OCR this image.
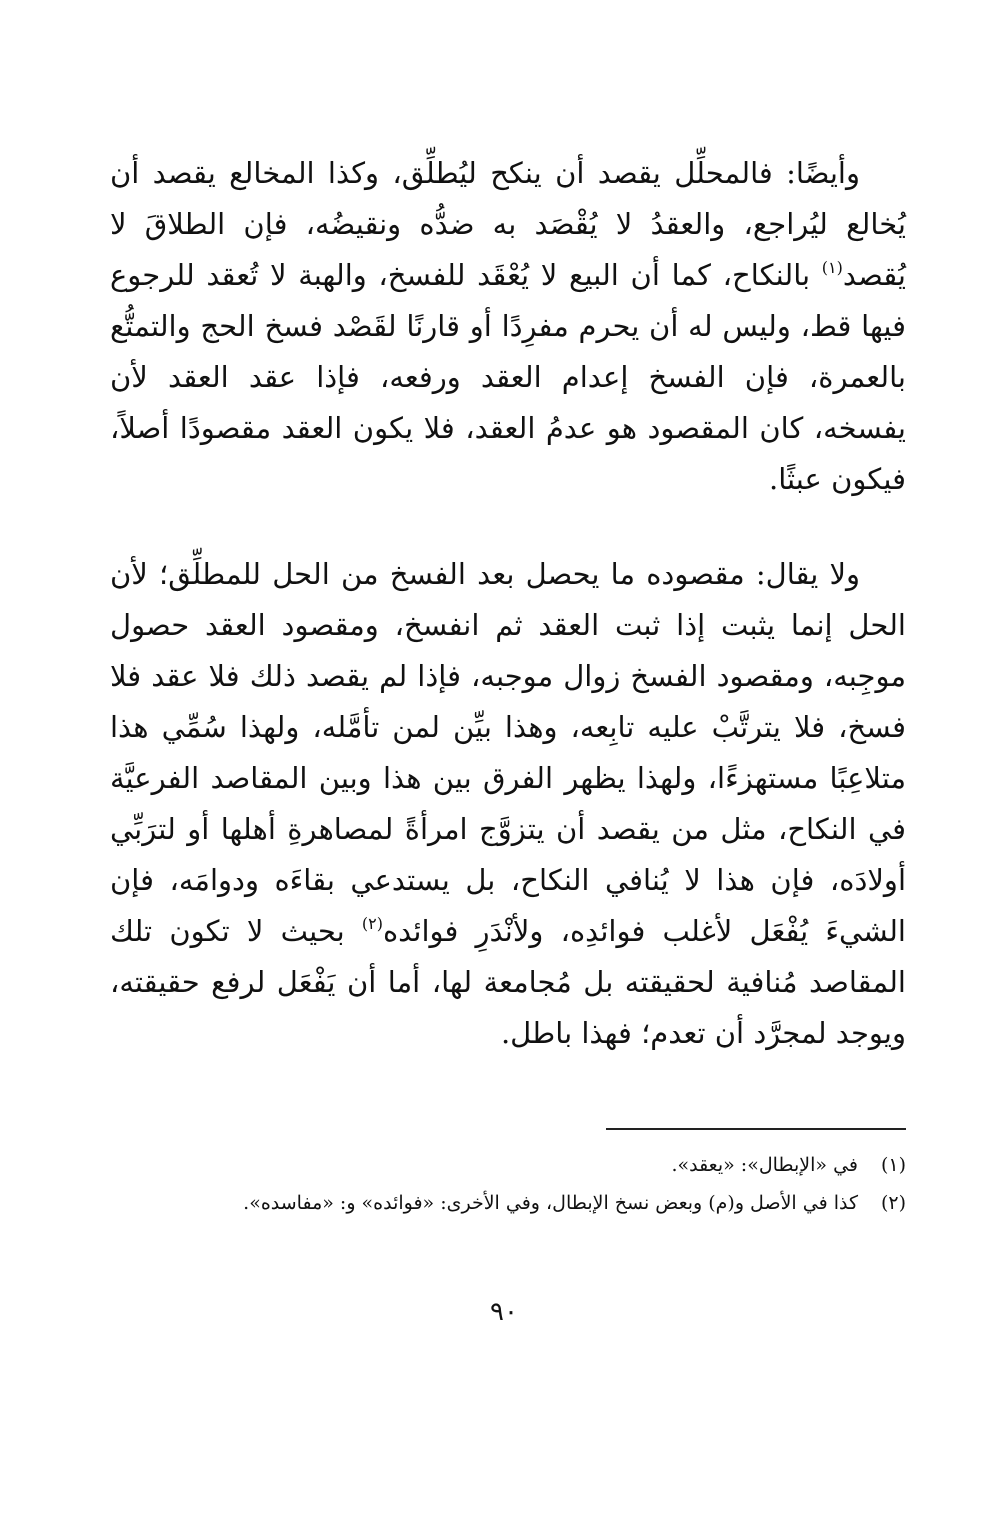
وأيضًا: فالمحلِّل يقصد أن ينكح ليُطلِّق، وكذا المخالع يقصد أن يُخالع ليُراجع، والعقدُ لا يُقْصَد به ضدُّه ونقيضُه، فإن الطلاقَ لا يُقصد$^{(١)}$ بالنكاح، كما أن البيع لا يُعْقَد للفسخ، والهبة لا تُعقد للرجوع فيها قط، وليس له أن يحرم مفرِدًا أو قارنًا لقَصْد فسخ الحج والتمتُّع بالعمرة، فإن الفسخ إعدام العقد ورفعه، فإذا عقد العقد لأن يفسخه، كان المقصود هو عدمُ العقد، فلا يكون العقد مقصودًا أصلاً، فيكون عبثًا.

ولا يقال: مقصوده ما يحصل بعد الفسخ من الحل للمطلِّق؛ لأن الحل إنما يثبت إذا ثبت العقد ثم انفسخ، ومقصود العقد حصول موجِبه، ومقصود الفسخ زوال موجبه، فإذا لم يقصد ذلك فلا عقد فلا فسخ، فلا يترتَّبْ عليه تابِعه، وهذا بيِّن لمن تأمَّله، ولهذا سُمِّي هذا متلاعِبًا مستهزءًا، ولهذا يظهر الفرق بين هذا وبين المقاصد الفرعيَّة في النكاح، مثل من يقصد أن يتزوَّج امرأةً لمصاهرةِ أهلها أو لترَبِّي أولادَه، فإن هذا لا يُنافي النكاح، بل يستدعي بقاءَه ودوامَه، فإن الشيءَ يُفْعَل لأغلب فوائدِه، ولأنْدَرِ فوائده$^{(٢)}$ بحيث لا تكون تلك المقاصد مُنافية لحقيقته بل مُجامعة لها، أما أن يَفْعَل لرفع حقيقته، ويوجد لمجرَّد أن تعدم؛ فهذا باطل.

(١)
في «الإبطال»: «يعقد».
(٢)
كذا في الأصل و(م) وبعض نسخ الإبطال، وفي الأخرى: «فوائده» و: «مفاسده».
٩٠
